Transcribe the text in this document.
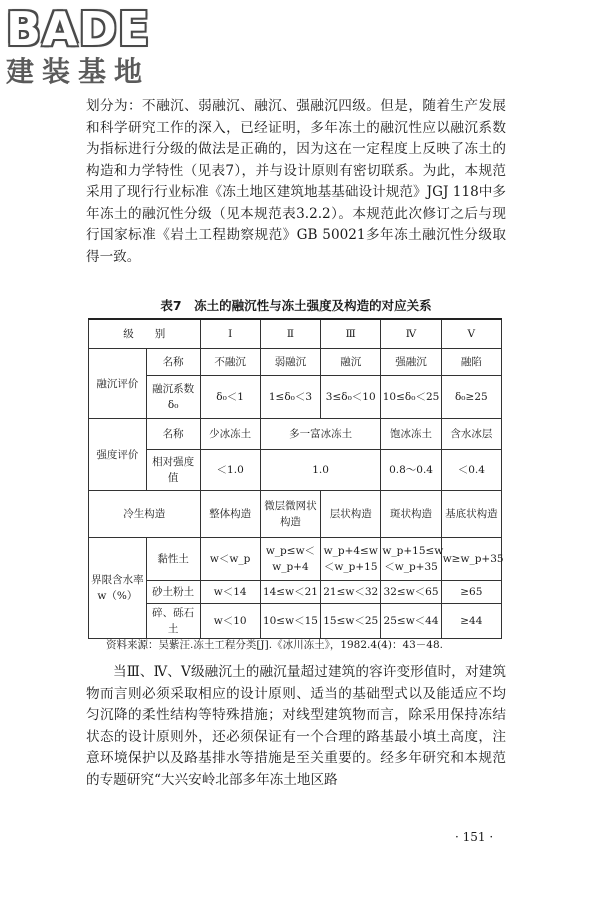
BADE
建装基地
划分为：不融沉、弱融沉、融沉、强融沉四级。但是，随着生产发展和科学研究工作的深入，已经证明，多年冻土的融沉性应以融沉系数为指标进行分级的做法是正确的，因为这在一定程度上反映了冻土的构造和力学特性（见表7），并与设计原则有密切联系。为此，本规范采用了现行行业标准《冻土地区建筑地基基础设计规范》JGJ 118中多年冻土的融沉性分级（见本规范表3.2.2）。本规范此次修订之后与现行国家标准《岩土工程勘察规范》GB 50021多年冻土融沉性分级取得一致。
表7　冻土的融沉性与冻土强度及构造的对应关系
级　　别		Ⅰ	Ⅱ	Ⅲ	Ⅳ	Ⅴ
融沉评价	名称	不融沉	弱融沉	融沉	强融沉	融陷
	融沉系数δ₀	δ₀＜1	1≤δ₀＜3	3≤δ₀＜10	10≤δ₀＜25	δ₀≥25
强度评价	名称	少冰冻土	多一富冰冻土		饱冰冻土	含水冰层
	相对强度值	＜1.0	1.0		0.8～0.4	＜0.4
冷生构造		整体构造	微层微网状构造	层状构造	斑状构造	基底状构造
界限含水率w（%）	黏性土	w＜w_p	w_p≤w＜w_p+4	w_p+4≤w＜w_p+15	w_p+15≤w＜w_p+35	w≥w_p+35
	砂土粉土	w＜14	14≤w＜21	21≤w＜32	32≤w＜65	≥65
	碎、砾石土	w＜10	10≤w＜15	15≤w＜25	25≤w＜44	≥44
资料来源：吴紫汪.冻土工程分类[J].《冰川冻土》，1982.4(4)：43－48.
当Ⅲ、Ⅳ、Ⅴ级融沉土的融沉量超过建筑的容许变形值时，对建筑物而言则必须采取相应的设计原则、适当的基础型式以及能适应不均匀沉降的柔性结构等特殊措施；对线型建筑物而言，除采用保持冻结状态的设计原则外，还必须保证有一个合理的路基最小填土高度，注意环境保护以及路基排水等措施是至关重要的。经多年研究和本规范的专题研究“大兴安岭北部多年冻土地区路
· 151 ·
